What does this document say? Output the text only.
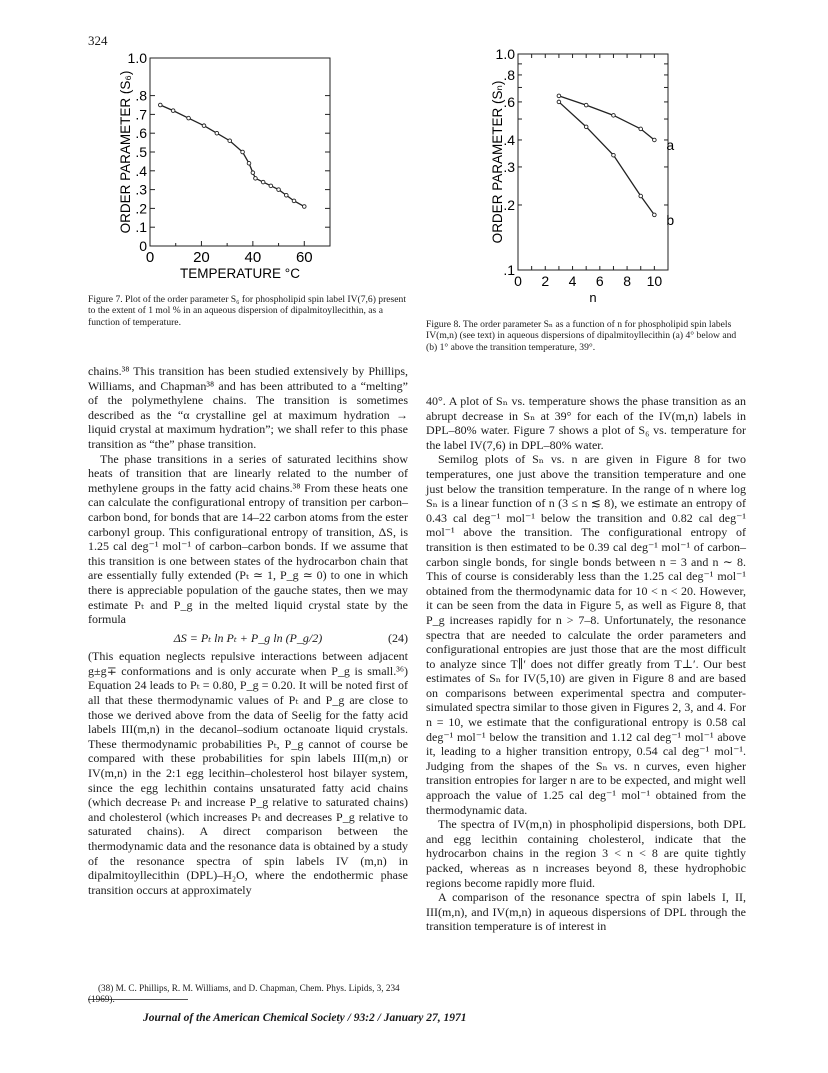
324
0
.1
.2
.3
.4
.5
.6
.7
.8
1.0
0	20 40 60
TEMPERATURE °C
ORDER PARAMETER (S₆)
Figure 7. Plot of the order parameter S₆ for phospholipid spin label IV(7,6) present to the extent of 1 mol % in an aqueous dispersion of dipalmitoyllecithin, as a function of temperature.
.1
.2
.3
.4
.6
.8
1.0
0 2 4 6 8 10
n
ORDER PARAMETER (Sₙ)	a
b
Figure 8. The order parameter Sₙ as a function of n for phospholipid spin labels IV(m,n) (see text) in aqueous dispersions of dipalmitoyllecithin (a) 4° below and (b) 1° above the transition temperature, 39°.

chains.³⁸ This transition has been studied extensively by Phillips, Williams, and Chapman³⁸ and has been attributed to a “melting” of the polymethylene chains. The transition is sometimes described as the “α crystalline gel at maximum hydration → liquid crystal at maximum hydration”; we shall refer to this phase transition as “the” phase transition.

The phase transitions in a series of saturated lecithins show heats of transition that are linearly related to the number of methylene groups in the fatty acid chains.³⁸ From these heats one can calculate the configurational entropy of transition per carbon–carbon bond, for bonds that are 14–22 carbon atoms from the ester carbonyl group. This configurational entropy of transition, ΔS, is 1.25 cal deg⁻¹ mol⁻¹ of carbon–carbon bonds. If we assume that this transition is one between states of the hydrocarbon chain that are essentially fully extended (Pₜ ≃ 1, P_g ≃ 0) to one in which there is appreciable population of the gauche states, then we may estimate Pₜ and P_g in the melted liquid crystal state by the formula

ΔS = Pₜ ln Pₜ + P_g ln (P_g/2)	(24)

(This equation neglects repulsive interactions between adjacent g±g∓ conformations and is only accurate when P_g is small.³⁶) Equation 24 leads to Pₜ = 0.80, P_g = 0.20. It will be noted first of all that these thermodynamic values of Pₜ and P_g are close to those we derived above from the data of Seelig for the fatty acid labels III(m,n) in the decanol–sodium octanoate liquid crystals. These thermodynamic probabilities Pₜ, P_g cannot of course be compared with these probabilities for spin labels III(m,n) or IV(m,n) in the 2:1 egg lecithin–cholesterol host bilayer system, since the egg lechithin contains unsaturated fatty acid chains (which decrease Pₜ and increase P_g relative to saturated chains) and cholesterol (which increases Pₜ and decreases P_g relative to saturated chains). A direct comparison between the thermodynamic data and the resonance data is obtained by a study of the resonance spectra of spin labels IV (m,n) in dipalmitoyllecithin (DPL)–H₂O, where the endothermic phase transition occurs at approximately

(38) M. C. Phillips, R. M. Williams, and D. Chapman, Chem. Phys. Lipids, 3, 234 (1969).

40°. A plot of Sₙ vs. temperature shows the phase transition as an abrupt decrease in Sₙ at 39° for each of the IV(m,n) labels in DPL–80% water. Figure 7 shows a plot of S₆ vs. temperature for the label IV(7,6) in DPL–80% water.

Semilog plots of Sₙ vs. n are given in Figure 8 for two temperatures, one just above the transition temperature and one just below the transition temperature. In the range of n where log Sₙ is a linear function of n (3 ≤ n ≲ 8), we estimate an entropy of 0.43 cal deg⁻¹ mol⁻¹ below the transition and 0.82 cal deg⁻¹ mol⁻¹ above the transition. The configurational entropy of transition is then estimated to be 0.39 cal deg⁻¹ mol⁻¹ of carbon–carbon single bonds, for single bonds between n = 3 and n ∼ 8. This of course is considerably less than the 1.25 cal deg⁻¹ mol⁻¹ obtained from the thermodynamic data for 10 < n < 20. However, it can be seen from the data in Figure 5, as well as Figure 8, that P_g increases rapidly for n > 7–8. Unfortunately, the resonance spectra that are needed to calculate the order parameters and configurational entropies are just those that are the most difficult to analyze since T∥′ does not differ greatly from T⊥′. Our best estimates of Sₙ for IV(5,10) are given in Figure 8 and are based on comparisons between experimental spectra and computer-simulated spectra similar to those given in Figures 2, 3, and 4. For n = 10, we estimate that the configurational entropy is 0.58 cal deg⁻¹ mol⁻¹ below the transition and 1.12 cal deg⁻¹ mol⁻¹ above it, leading to a higher transition entropy, 0.54 cal deg⁻¹ mol⁻¹. Judging from the shapes of the Sₙ vs. n curves, even higher transition entropies for larger n are to be expected, and might well approach the value of 1.25 cal deg⁻¹ mol⁻¹ obtained from the thermodynamic data.

The spectra of IV(m,n) in phospholipid dispersions, both DPL and egg lecithin containing cholesterol, indicate that the hydrocarbon chains in the region 3 < n < 8 are quite tightly packed, whereas as n increases beyond 8, these hydrophobic regions become rapidly more fluid.

A comparison of the resonance spectra of spin labels I, II, III(m,n), and IV(m,n) in aqueous dispersions of DPL through the transition temperature is of interest in

Journal of the American Chemical Society / 93:2 / January 27, 1971
